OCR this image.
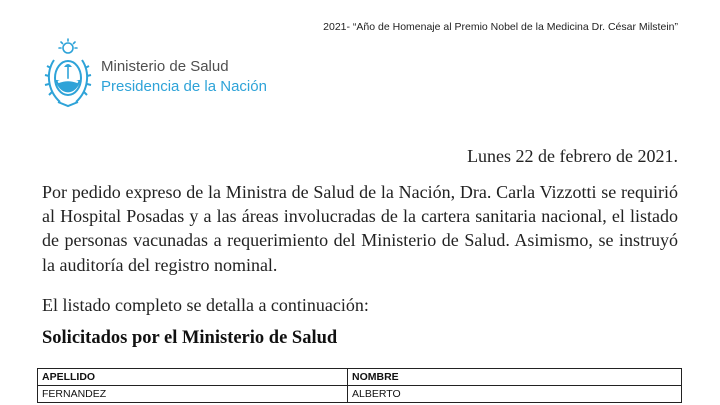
2021- “Año de Homenaje al Premio Nobel de la Medicina Dr. César Milstein”
Ministerio de Salud
Presidencia de la Nación
Lunes 22 de febrero de 2021.
Por pedido expreso de la Ministra de Salud de la Nación, Dra. Carla Vizzotti se requirió al Hospital Posadas y a las áreas involucradas de la cartera sanitaria nacional, el listado de personas vacunadas a requerimiento del Ministerio de Salud. Asimismo, se instruyó la auditoría del registro nominal.
El listado completo se detalla a continuación:
Solicitados por el Ministerio de Salud
APELLIDO	NOMBRE
FERNANDEZ	ALBERTO
